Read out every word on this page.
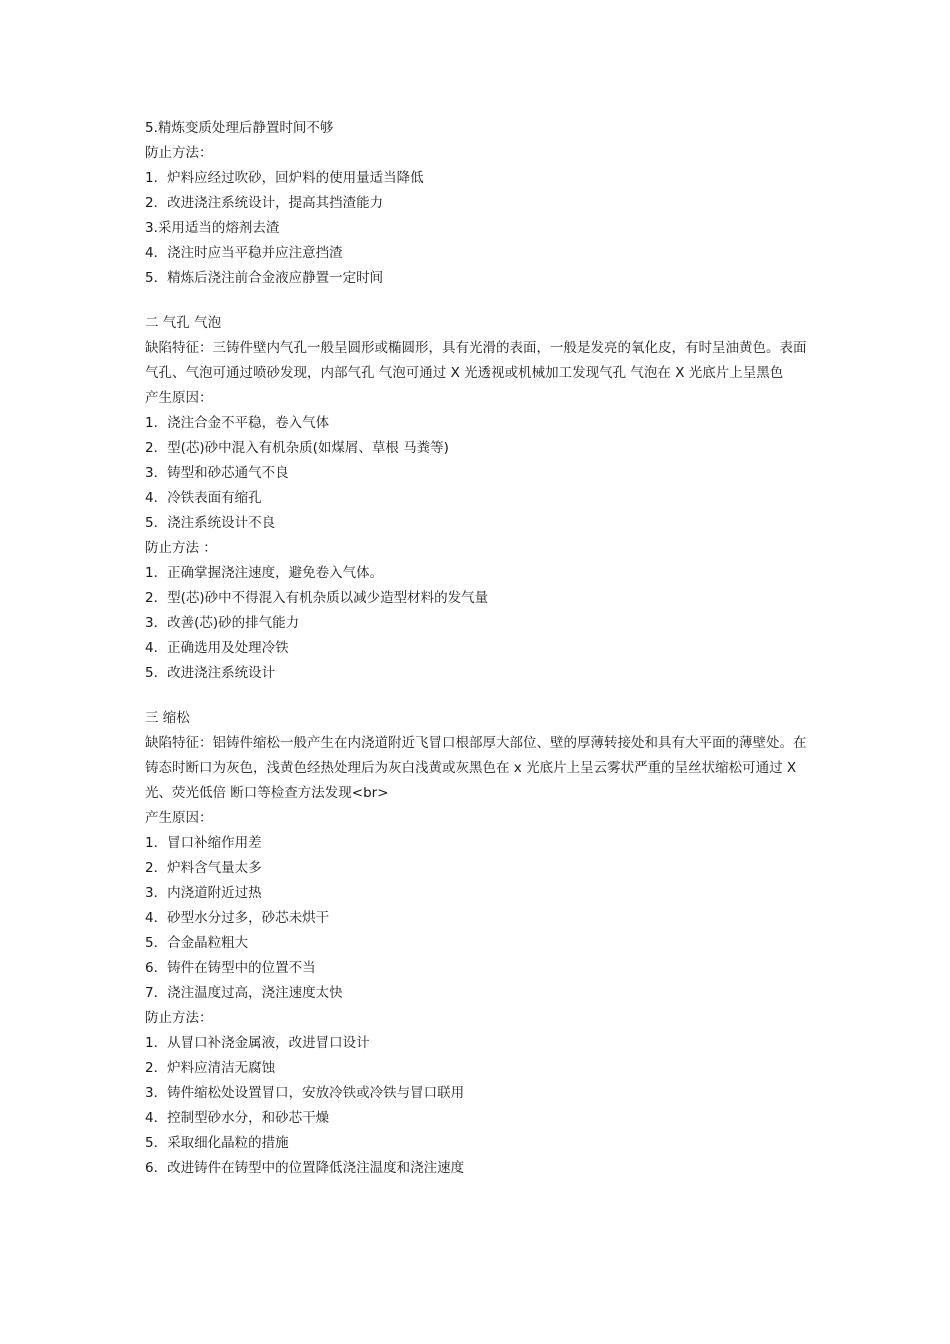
5.精炼变质处理后静置时间不够
防止方法：
1．炉料应经过吹砂，回炉料的使用量适当降低
2．改进浇注系统设计，提高其挡渣能力
3.采用适当的熔剂去渣
4．浇注时应当平稳并应注意挡渣
5．精炼后浇注前合金液应静置一定时间
二 气孔 气泡
缺陷特征：三铸件壁内气孔一般呈圆形或椭圆形，具有光滑的表面，一般是发亮的氧化皮，有时呈油黄色。表面气孔、气泡可通过喷砂发现，内部气孔 气泡可通过 X 光透视或机械加工发现气孔 气泡在 X 光底片上呈黑色
产生原因：
1．浇注合金不平稳，卷入气体
2．型(芯)砂中混入有机杂质(如煤屑、草根 马粪等)
3．铸型和砂芯通气不良
4．冷铁表面有缩孔
5．浇注系统设计不良
防止方法 ：
1．正确掌握浇注速度，避免卷入气体。
2．型(芯)砂中不得混入有机杂质以减少造型材料的发气量
3．改善(芯)砂的排气能力
4．正确选用及处理冷铁
5．改进浇注系统设计
三 缩松
缺陷特征：铝铸件缩松一般产生在内浇道附近飞冒口根部厚大部位、壁的厚薄转接处和具有大平面的薄壁处。在铸态时断口为灰色，浅黄色经热处理后为灰白浅黄或灰黑色在 x 光底片上呈云雾状严重的呈丝状缩松可通过 X 光、荧光低倍 断口等检查方法发现<br>
产生原因：
1．冒口补缩作用差
2．炉料含气量太多
3．内浇道附近过热
4．砂型水分过多，砂芯未烘干
5．合金晶粒粗大
6．铸件在铸型中的位置不当
7．浇注温度过高，浇注速度太快
防止方法：
1．从冒口补浇金属液，改进冒口设计
2．炉料应清洁无腐蚀
3．铸件缩松处设置冒口，安放冷铁或冷铁与冒口联用
4．控制型砂水分，和砂芯干燥
5．采取细化晶粒的措施
6．改进铸件在铸型中的位置降低浇注温度和浇注速度
